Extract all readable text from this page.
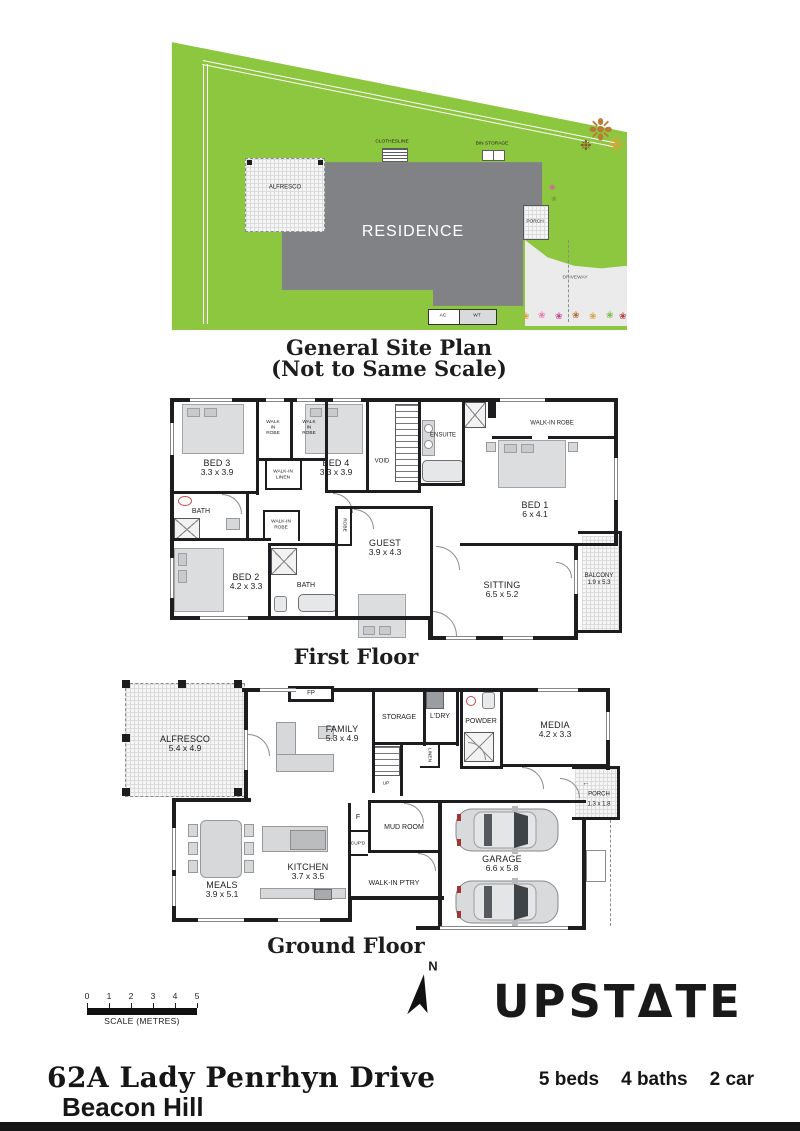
RESIDENCE
ALFRESCO
CLOTHESLINE	BIN STORAGE
PORCH
DRIVEWAY
AC	WT
❉
❉
❉
❀
❀
❀ ❀ ❀ ❀ ❀ ❀ ❀
General Site Plan
(Not to Same Scale)
BED 3
3.3 x 3.9
BED 4
3.3 x 3.9
BED 1
6 x 4.1
BED 2
4.2 x 3.3
GUEST
3.9 x 4.3
SITTING
6.5 x 5.2
BALCONY
1.9 x 5.3
WALK IN ROBE
WALK IN ROBE
WALK-IN LINEN
ENSUITE
VOID
WALK-IN ROBE
BATH
WALK-IN ROBE
BATH
ROBE
First Floor
FP
←
PORCH
1.3 x 1.8
ALFRESCO
5.4 x 4.9
FAMILY
5.3 x 4.9
MEDIA
4.2 x 3.3
MEALS
3.9 x 5.1
KITCHEN
3.7 x 3.5
GARAGE
6.6 x 5.8
STORAGE L'DRY
LINEN
POWDER
UP
MUD ROOM
WALK-IN P'TRY
F
CUP'D
Ground Floor
0 1 2 3 4 5
SCALE (METRES)
N
UPSTΔTE
62A Lady Penrhyn Drive
Beacon Hill
5 beds 4 baths 2 car
